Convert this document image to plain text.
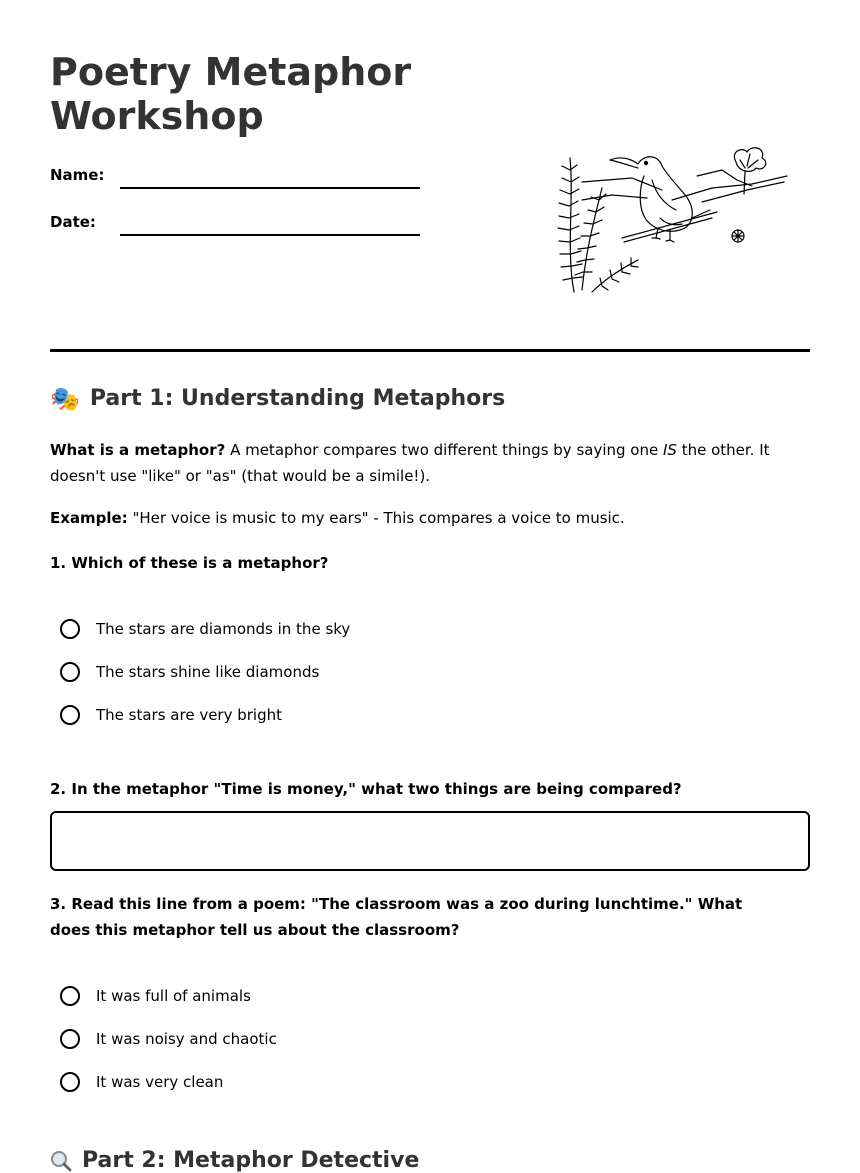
Poetry Metaphor Workshop
Name:
Date:
🎭 Part 1: Understanding Metaphors
What is a metaphor? A metaphor compares two different things by saying one IS the other. It doesn't use "like" or "as" (that would be a simile!).
Example: "Her voice is music to my ears" - This compares a voice to music.
1. Which of these is a metaphor?
The stars are diamonds in the sky
The stars shine like diamonds
The stars are very bright
2. In the metaphor "Time is money," what two things are being compared?
3. Read this line from a poem: "The classroom was a zoo during lunchtime." What does this metaphor tell us about the classroom?
It was full of animals
It was noisy and chaotic
It was very clean
Part 2: Metaphor Detective
